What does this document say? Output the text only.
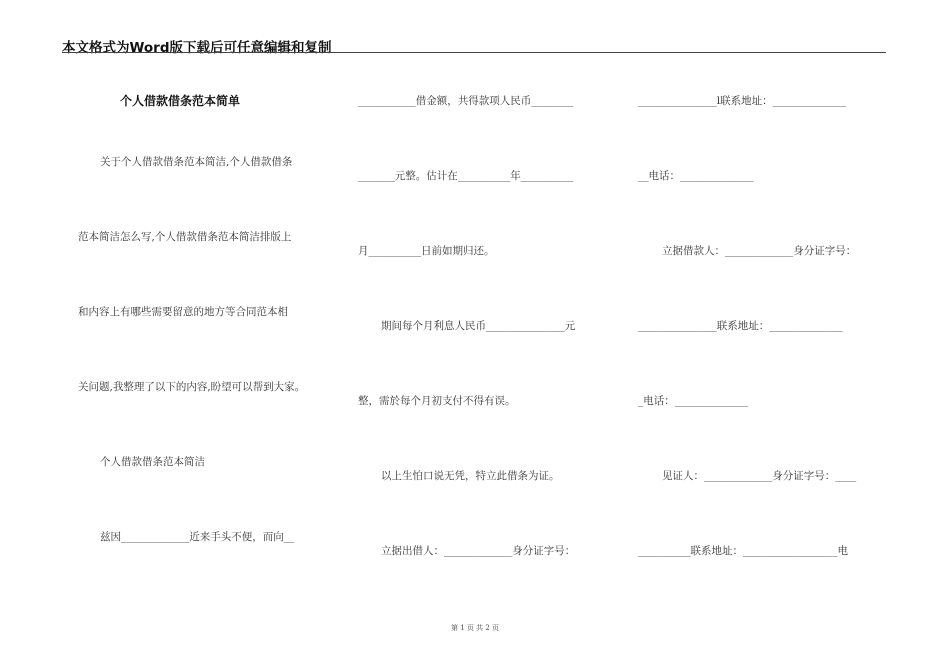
本文格式为Word版下载后可任意编辑和复制
个人借款借条范本简单
关于个人借款借条范本简洁,个人借款借条
范本简洁怎么写,个人借款借条范本简洁排版上
和内容上有哪些需要留意的地方等合同范本相
关问题,我整理了以下的内容,盼望可以帮到大家。
个人借款借条范本简洁
兹因_____________近来手头不便，而向__
___________借金额，共得款项人民币________
_______元整。估计在__________年__________
月__________日前如期归还。
期间每个月利息人民币_______________元
整，需於每个月初支付不得有误。
以上生怕口说无凭，特立此借条为证。
立据出借人：_____________身分证字号：
_______________l联系地址：______________
__电话：______________
立据借款人：_____________身分证字号：
_______________联系地址：______________
_电话：______________
见证人：_____________身分证字号：____
__________联系地址：__________________电
第 1 页 共 2 页
